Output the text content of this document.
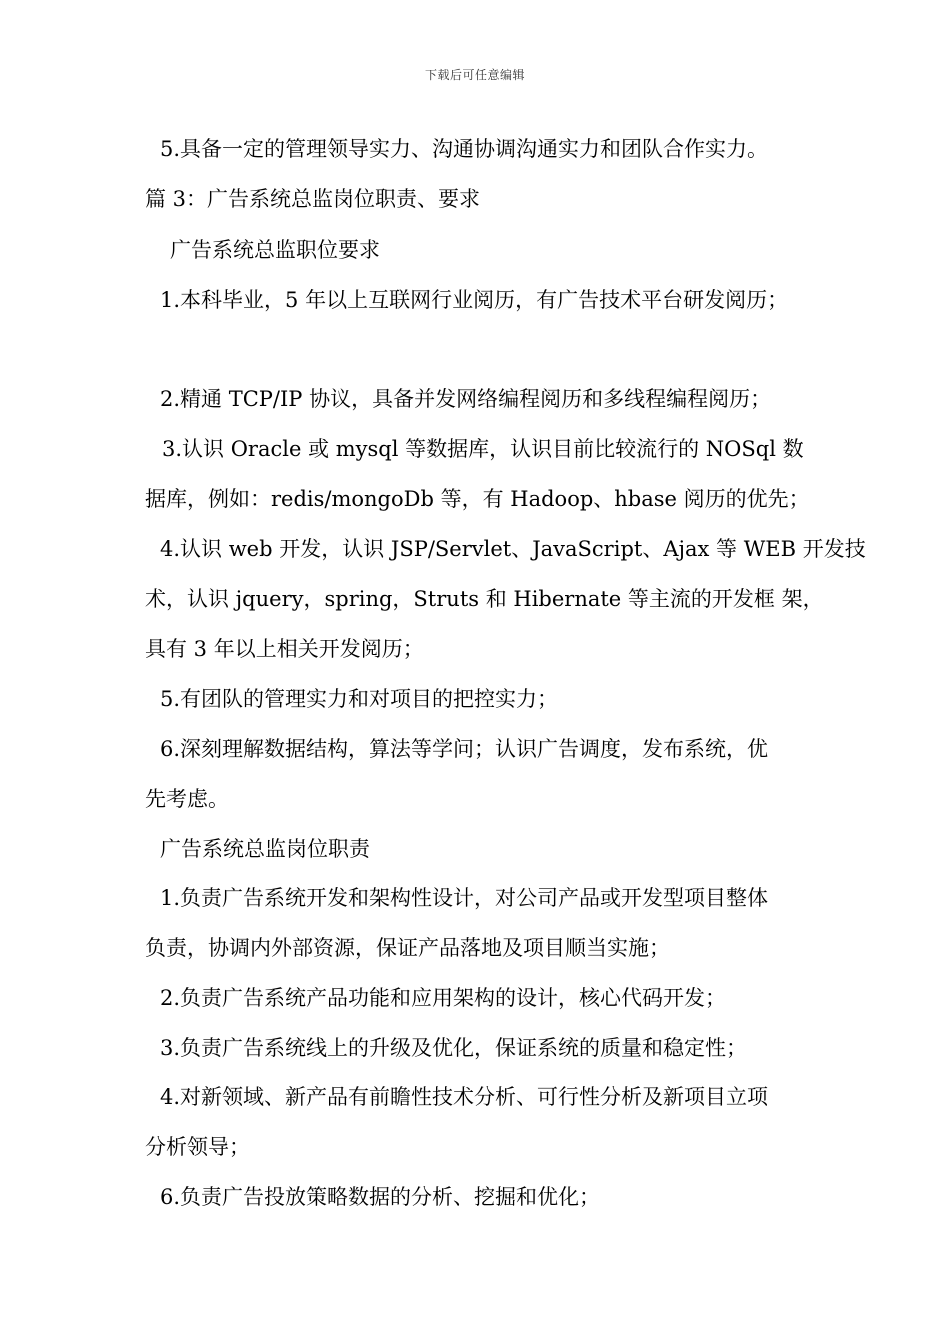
下载后可任意编辑
5.具备一定的管理领导实力、沟通协调沟通实力和团队合作实力。
篇 3：广告系统总监岗位职责、要求
广告系统总监职位要求
1.本科毕业，5 年以上互联网行业阅历，有广告技术平台研发阅历；
2.精通 TCP/IP 协议，具备并发网络编程阅历和多线程编程阅历；
3.认识 Oracle 或 mysql 等数据库，认识目前比较流行的 NOSql 数
据库，例如：redis/mongoDb 等，有 Hadoop、hbase 阅历的优先；
4.认识 web 开发，认识 JSP/Servlet、JavaScript、Ajax 等 WEB 开发技
术，认识 jquery，spring，Struts 和 Hibernate 等主流的开发框 架，
具有 3 年以上相关开发阅历；
5.有团队的管理实力和对项目的把控实力；
6.深刻理解数据结构，算法等学问；认识广告调度，发布系统，优
先考虑。
广告系统总监岗位职责
1.负责广告系统开发和架构性设计，对公司产品或开发型项目整体
负责，协调内外部资源，保证产品落地及项目顺当实施；
2.负责广告系统产品功能和应用架构的设计，核心代码开发；
3.负责广告系统线上的升级及优化，保证系统的质量和稳定性；
4.对新领域、新产品有前瞻性技术分析、可行性分析及新项目立项
分析领导；
6.负责广告投放策略数据的分析、挖掘和优化；
